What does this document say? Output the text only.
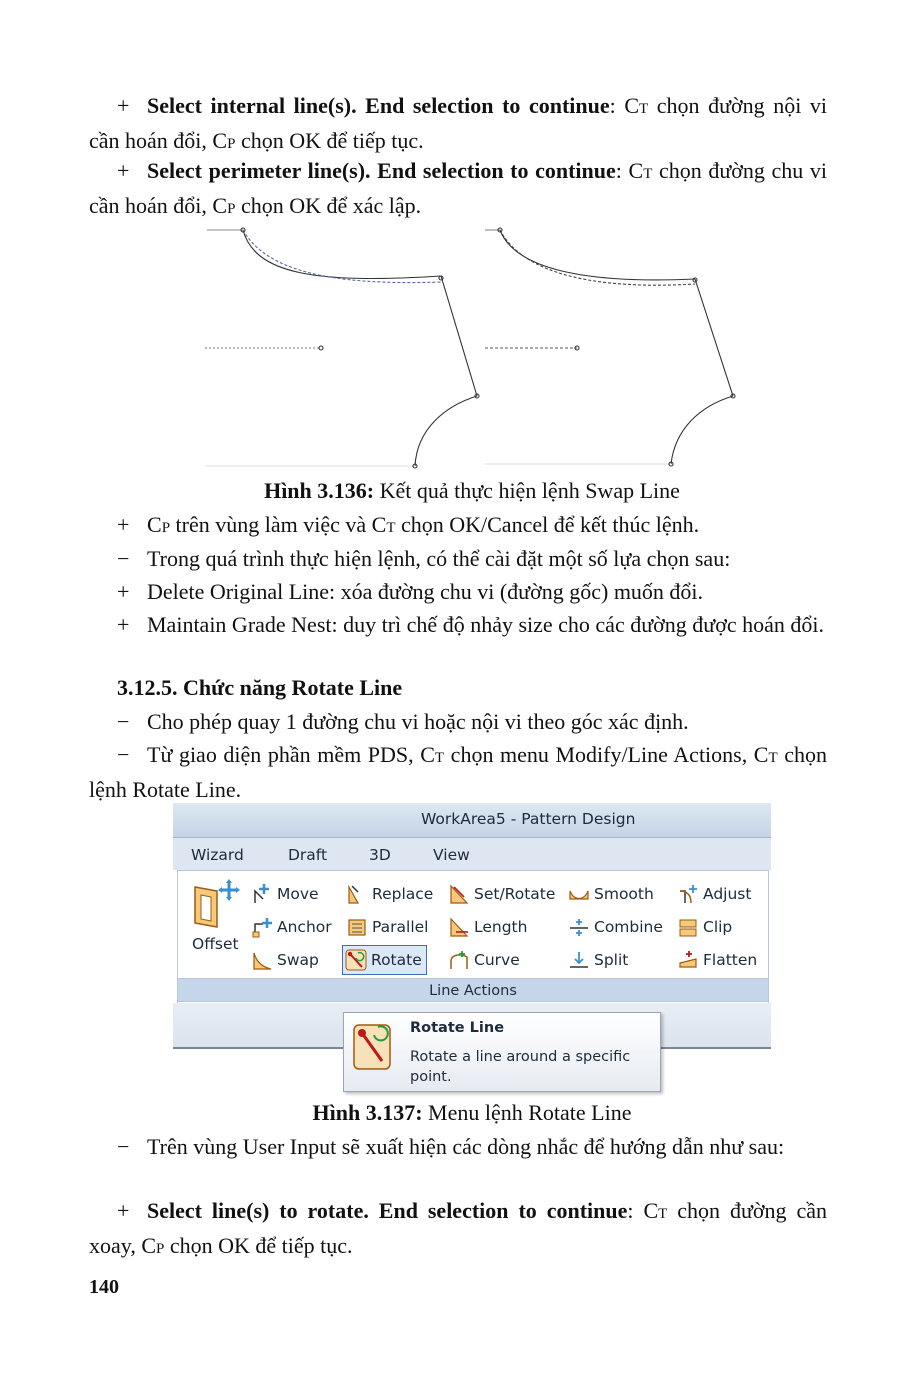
+ Select internal line(s). End selection to continue: CT chọn đường nội vi cần hoán đổi, CP chọn OK để tiếp tục.

+ Select perimeter line(s). End selection to continue: CT chọn đường chu vi cần hoán đổi, CP chọn OK để xác lập.

Hình 3.136: Kết quả thực hiện lệnh Swap Line

+ CP trên vùng làm việc và CT chọn OK/Cancel để kết thúc lệnh.

− Trong quá trình thực hiện lệnh, có thể cài đặt một số lựa chọn sau:

+ Delete Original Line: xóa đường chu vi (đường gốc) muốn đổi.

+ Maintain Grade Nest: duy trì chế độ nhảy size cho các đường được hoán đổi.

3.12.5. Chức năng Rotate Line

− Cho phép quay 1 đường chu vi hoặc nội vi theo góc xác định.

− Từ giao diện phần mềm PDS, CT chọn menu Modify/Line Actions, CT chọn lệnh Rotate Line.

WorkArea5 - Pattern Design
Wizard	Draft	3D	View
Offset
Move
Anchor
Swap
Replace
Parallel
Rotate
Set/Rotate
Length
Curve
Smooth
Combine
Split
Adjust
Clip
Flatten
Line Actions
Rotate Line
Rotate a line around a specific point.

Hình 3.137: Menu lệnh Rotate Line

− Trên vùng User Input sẽ xuất hiện các dòng nhắc để hướng dẫn như sau:

+ Select line(s) to rotate. End selection to continue: CT chọn đường cần xoay, CP chọn OK để tiếp tục.

140
